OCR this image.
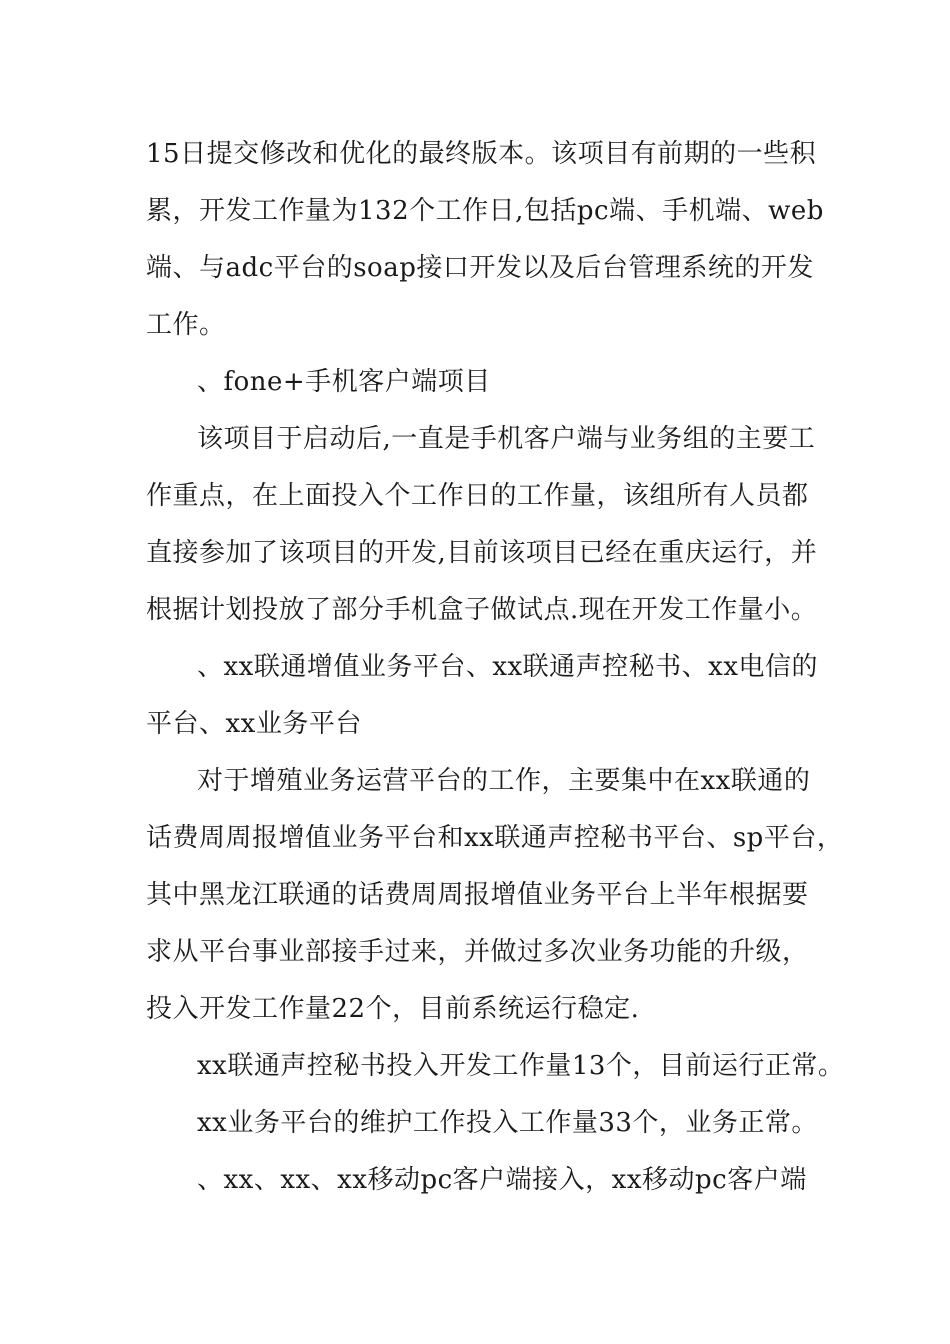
15日提交修改和优化的最终版本。该项目有前期的一些积
累，开发工作量为132个工作日,包括pc端、手机端、web
端、与adc平台的soap接口开发以及后台管理系统的开发
工作。
、fone+手机客户端项目
该项目于启动后,一直是手机客户端与业务组的主要工
作重点，在上面投入个工作日的工作量，该组所有人员都
直接参加了该项目的开发,目前该项目已经在重庆运行，并
根据计划投放了部分手机盒子做试点.现在开发工作量小。
、xx联通增值业务平台、xx联通声控秘书、xx电信的
平台、xx业务平台
对于增殖业务运营平台的工作，主要集中在xx联通的
话费周周报增值业务平台和xx联通声控秘书平台、sp平台，
其中黑龙江联通的话费周周报增值业务平台上半年根据要
求从平台事业部接手过来，并做过多次业务功能的升级，
投入开发工作量22个，目前系统运行稳定.
xx联通声控秘书投入开发工作量13个，目前运行正常。
xx业务平台的维护工作投入工作量33个，业务正常。
、xx、xx、xx移动pc客户端接入，xx移动pc客户端
